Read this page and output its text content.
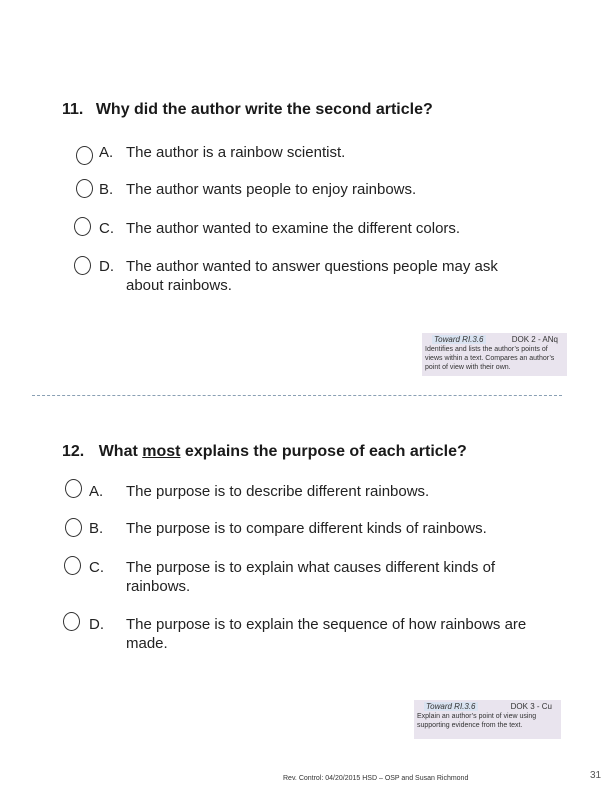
11. Why did the author write the second article?
A. The author is a rainbow scientist.
B. The author wants people to enjoy rainbows.
C. The author wanted to examine the different colors.
D. The author wanted to answer questions people may ask about rainbows.
Toward RI.3.6	DOK 2 - ANq
Identifies and lists the author’s points of views within a text. Compares an author’s point of view with their own.
12. What most explains the purpose of each article?
A. The purpose is to describe different rainbows.
B. The purpose is to compare different kinds of rainbows.
C. The purpose is to explain what causes different kinds of rainbows.
D. The purpose is to explain the sequence of how rainbows are made.
Toward RI.3.6	DOK 3 - Cu
Explain an author’s point of view using supporting evidence from the text.
Rev. Control: 04/20/2015 HSD – OSP and Susan Richmond	31
